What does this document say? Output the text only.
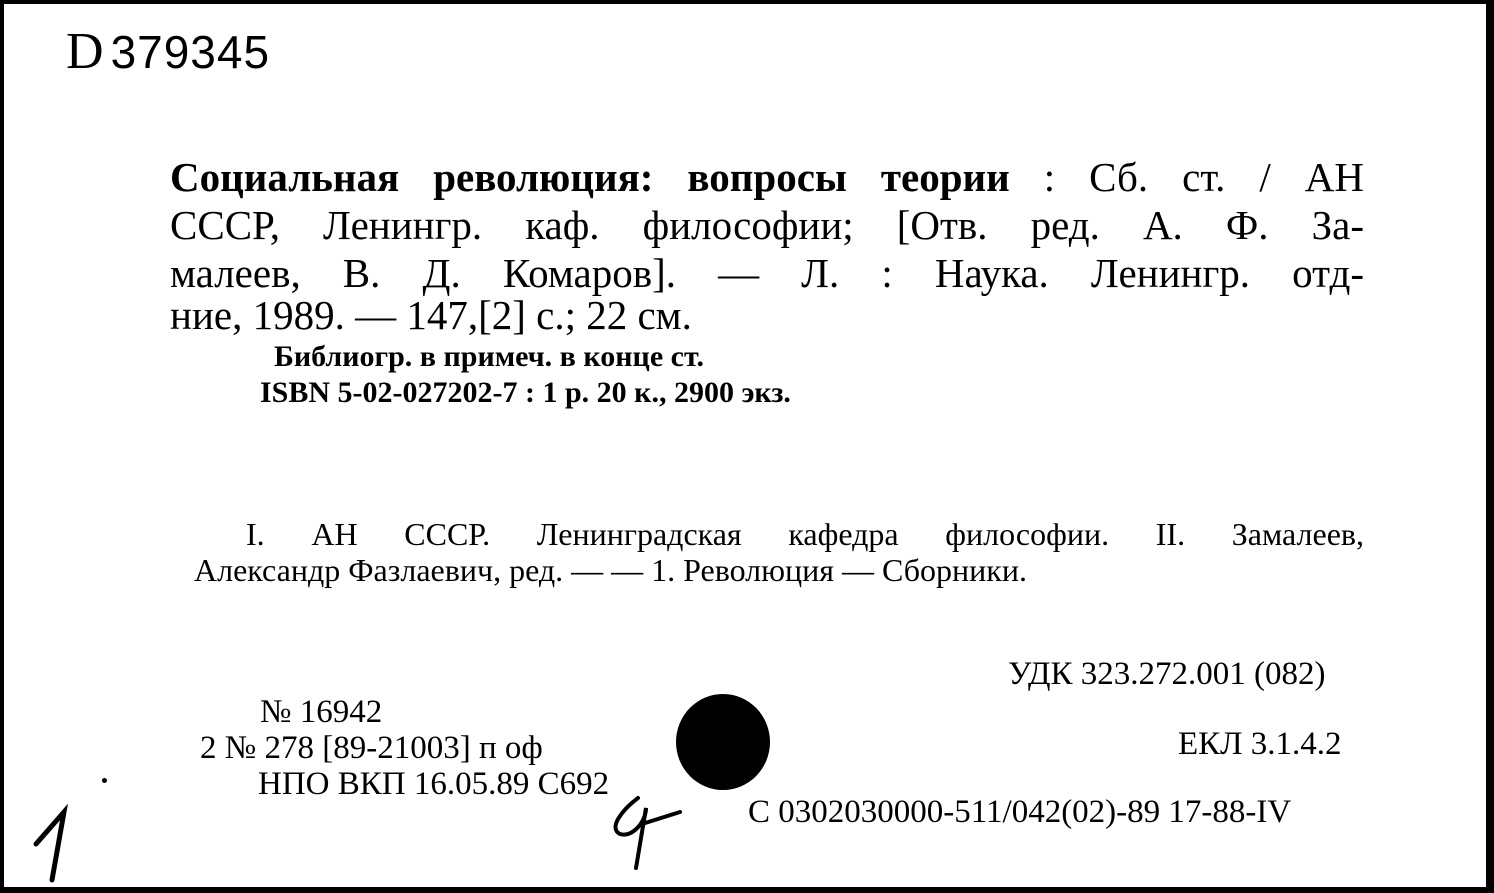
D 379345
Социальная революция: вопросы теории : Сб. ст. / АН
СССР, Ленингр. каф. философии; [Отв. ред. А. Ф. За-
малеев, В. Д. Комаров]. — Л. : Наука. Ленингр. отд-
ние, 1989. — 147,[2] с.; 22 см.
Библиогр. в примеч. в конце ст.
ISBN 5-02-027202-7 : 1 р. 20 к., 2900 экз.
I. АН СССР. Ленинградская кафедра философии. II. Замалеев,
Александр Фазлаевич, ред. — — 1. Революция — Сборники.
УДК 323.272.001 (082)
ЕКЛ 3.1.4.2
С 0302030000-511/042(02)-89 17-88-IV
№ 16942
2 № 278 [89-21003] п оф
НПО ВКП 16.05.89 С692
